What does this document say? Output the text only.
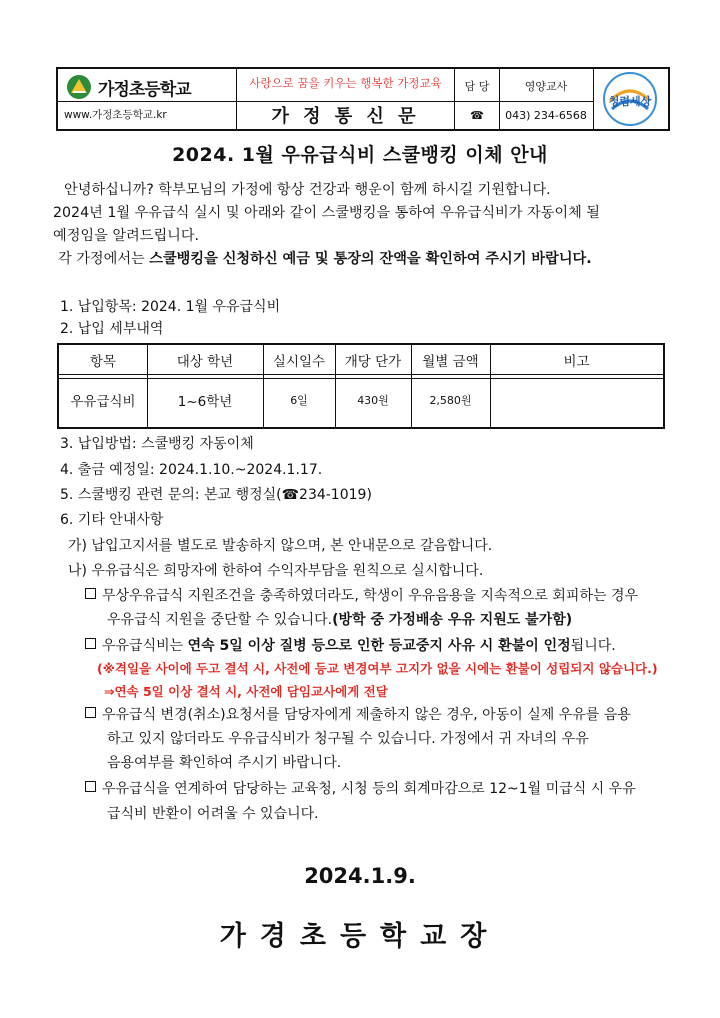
가정초등학교
www.가정초등학교.kr
사랑으로 꿈을 키우는 행복한 가정교육
가 정 통 신 문
담 당	영양교사
☎	043) 234-6568
청렴세상
2024. 1월 우유급식비 스쿨뱅킹 이체 안내
안녕하십니까? 학부모님의 가정에 항상 건강과 행운이 함께 하시길 기원합니다.
2024년 1월 우유급식 실시 및 아래와 같이 스쿨뱅킹을 통하여 우유급식비가 자동이체 될
예정임을 알려드립니다.
각 가정에서는 스쿨뱅킹을 신청하신 예금 및 통장의 잔액을 확인하여 주시기 바랍니다.
1. 납입항목: 2024. 1월 우유급식비
2. 납입 세부내역
항목	대상 학년	실시일수	개당 단가	월별 금액	비고
우유급식비	1~6학년	6일	430원	2,580원
3. 납입방법: 스쿨뱅킹 자동이체
4. 출금 예정일: 2024.1.10.~2024.1.17.
5. 스쿨뱅킹 관련 문의: 본교 행정실(☎234-1019)
6. 기타 안내사항
가) 납입고지서를 별도로 발송하지 않으며, 본 안내문으로 갈음합니다.
나) 우유급식은 희망자에 한하여 수익자부담을 원칙으로 실시합니다.
무상우유급식 지원조건을 충족하였더라도, 학생이 우유음용을 지속적으로 회피하는 경우
우유급식 지원을 중단할 수 있습니다.(방학 중 가정배송 우유 지원도 불가함)
우유급식비는 연속 5일 이상 질병 등으로 인한 등교중지 사유 시 환불이 인정됩니다.
(※격일을 사이에 두고 결석 시, 사전에 등교 변경여부 고지가 없을 시에는 환불이 성립되지 않습니다.)
⇒연속 5일 이상 결석 시, 사전에 담임교사에게 전달
우유급식 변경(취소)요청서를 담당자에게 제출하지 않은 경우, 아동이 실제 우유를 음용
하고 있지 않더라도 우유급식비가 청구될 수 있습니다. 가정에서 귀 자녀의 우유
음용여부를 확인하여 주시기 바랍니다.
우유급식을 연계하여 담당하는 교육청, 시청 등의 회계마감으로 12~1월 미급식 시 우유
급식비 반환이 어려울 수 있습니다.
2024.1.9.
가경초등학교장
